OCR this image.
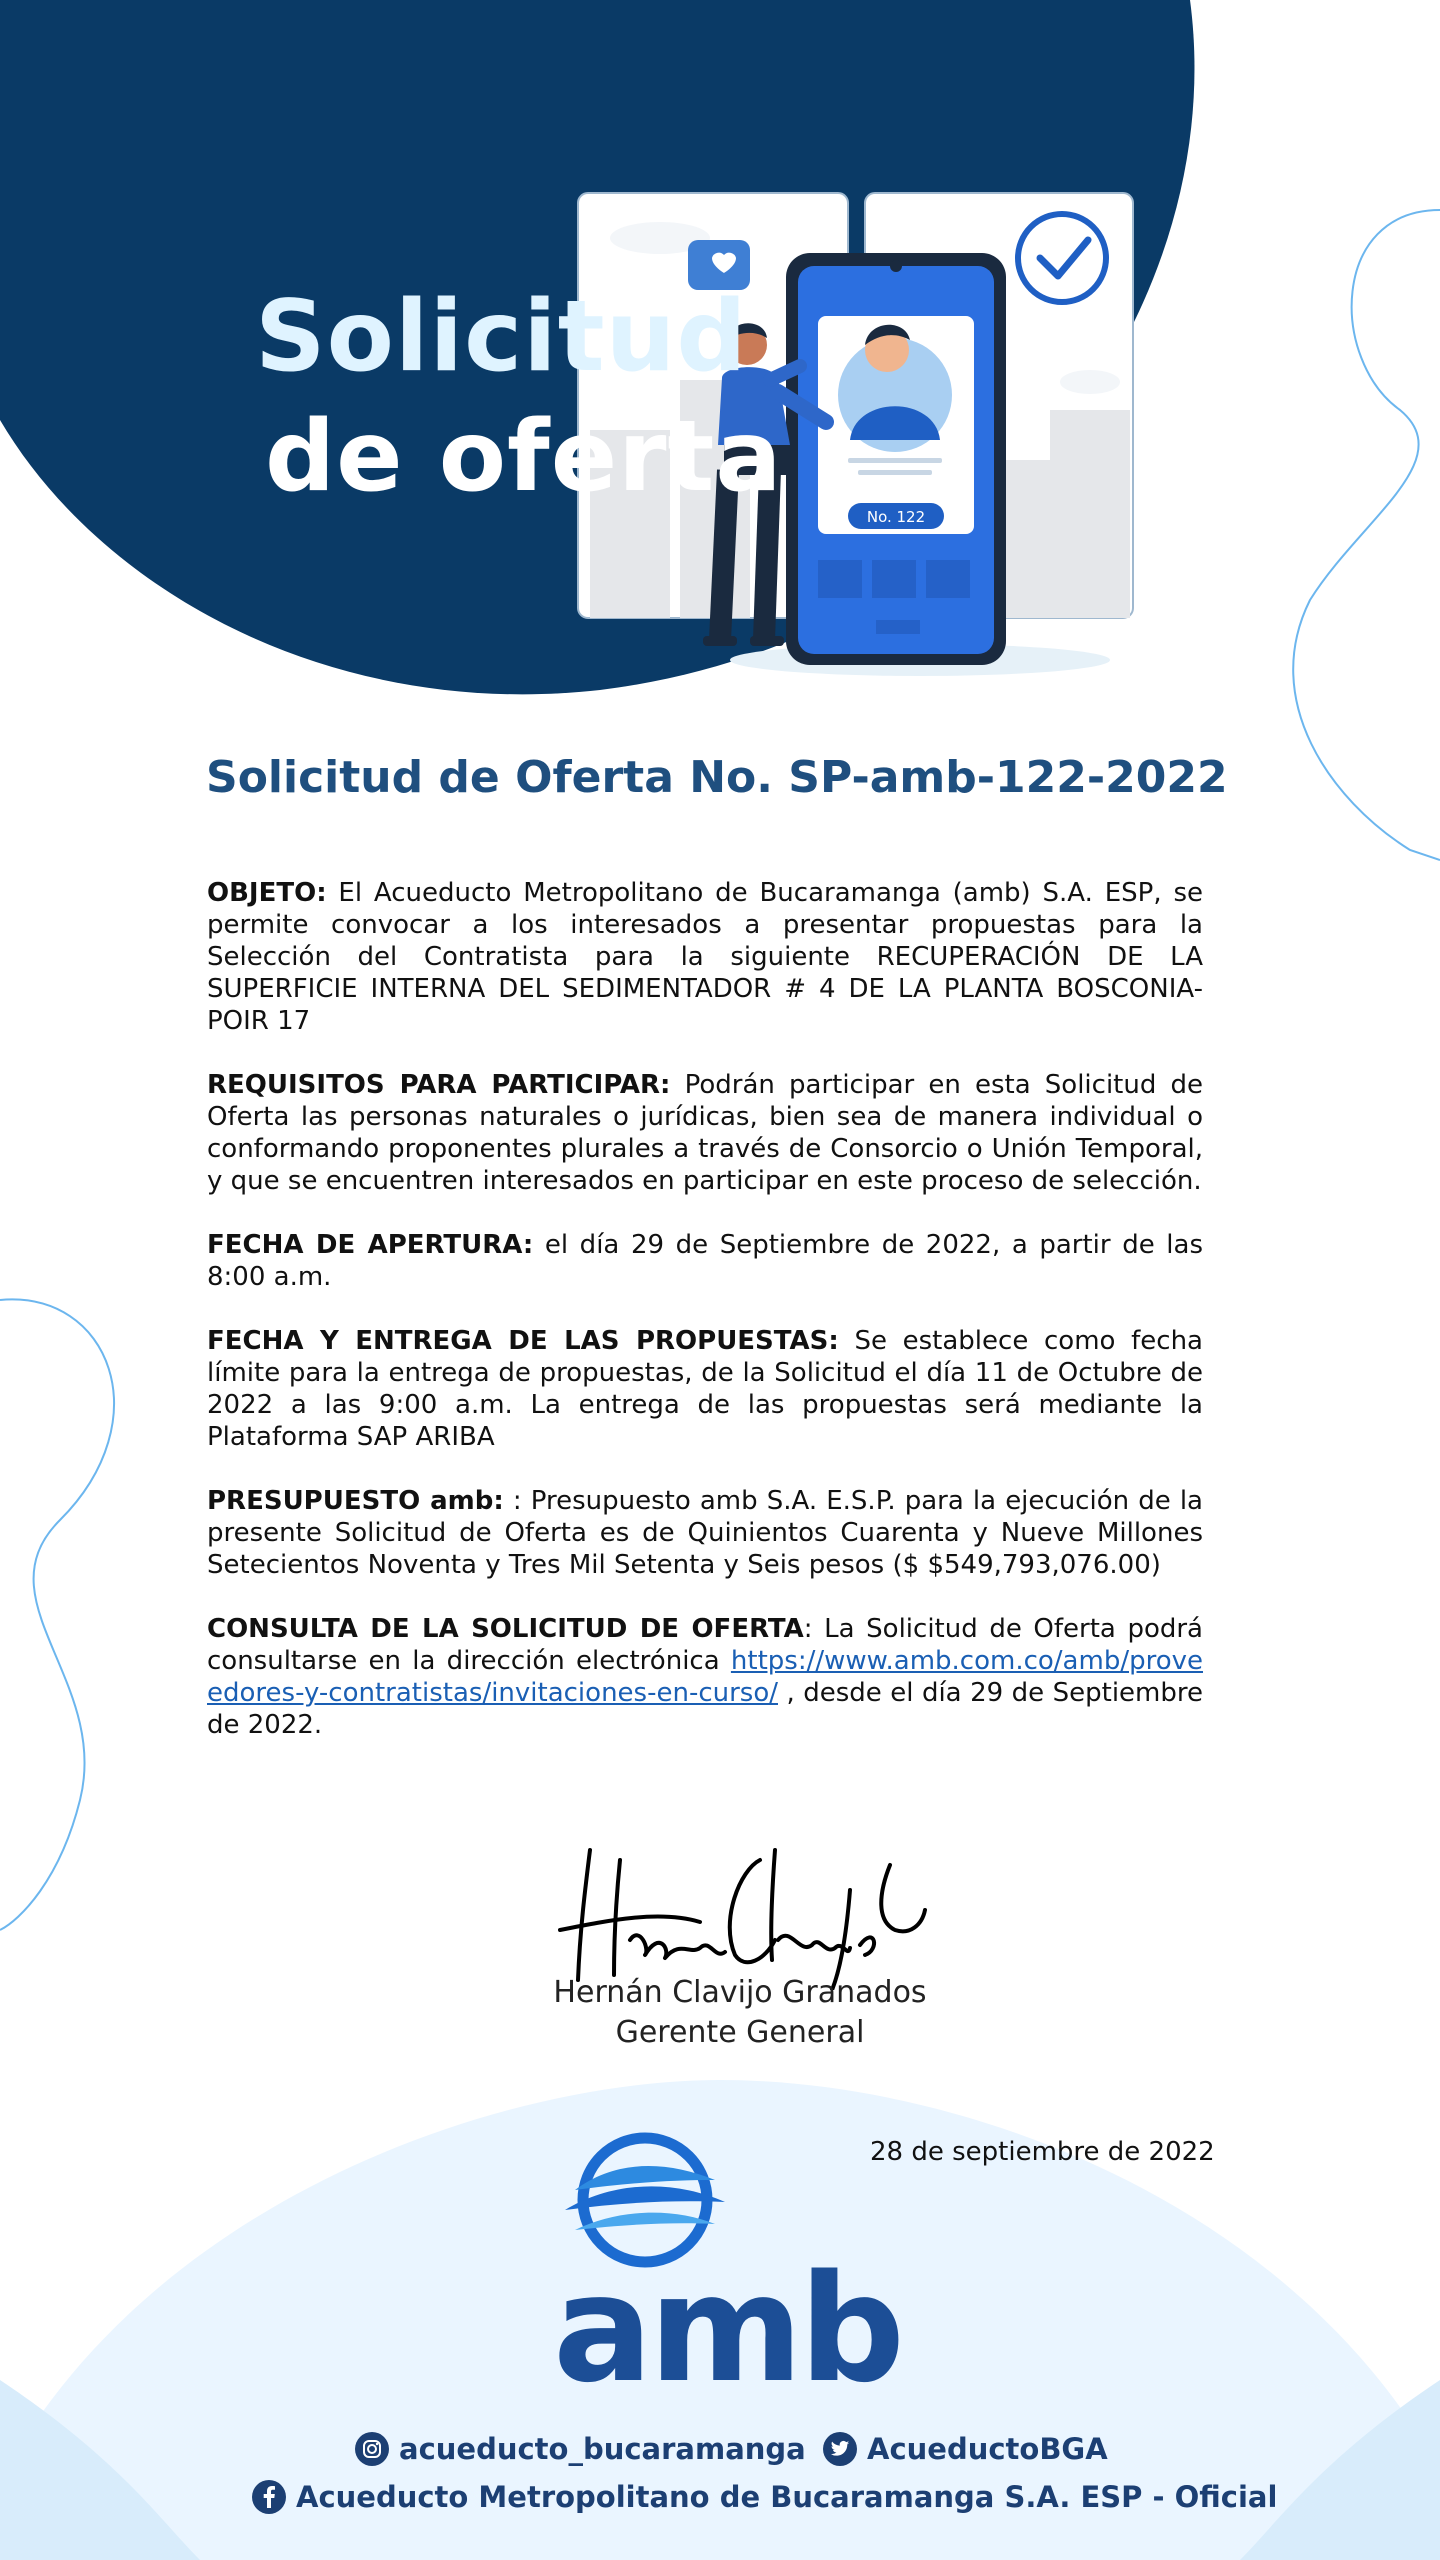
No. 122
Solicitud
de oferta
Solicitud de Oferta No. SP-amb-122-2022

OBJETO: El Acueducto Metropolitano de Bucaramanga (amb) S.A. ESP, se permite convocar a los interesados a presentar propuestas para la Selección del Contratista para la siguiente RECUPERACIÓN DE LA SUPERFICIE INTERNA DEL SEDIMENTADOR # 4 DE LA PLANTA BOSCONIA-POIR 17

REQUISITOS PARA PARTICIPAR: Podrán participar en esta Solicitud de Oferta las personas naturales o jurídicas, bien sea de manera individual o conformando proponentes plurales a través de Consorcio o Unión Temporal, y que se encuentren interesados en participar en este proceso de selección.

FECHA DE APERTURA: el día 29 de Septiembre de 2022, a partir de las 8:00 a.m.

FECHA Y ENTREGA DE LAS PROPUESTAS: Se establece como fecha límite para la entrega de propuestas, de la Solicitud el día 11 de Octubre de 2022 a las 9:00 a.m. La entrega de las propuestas será mediante la Plataforma SAP ARIBA

PRESUPUESTO amb: : Presupuesto amb S.A. E.S.P. para la ejecución de la presente Solicitud de Oferta es de Quinientos Cuarenta y Nueve Millones Setecientos Noventa y Tres Mil Setenta y Seis pesos ($ $549,793,076.00)

CONSULTA DE LA SOLICITUD DE OFERTA: La Solicitud de Oferta podrá consultarse en la dirección electrónica https://www.amb.com.co/amb/proveedores-y-contratistas/invitaciones-en-curso/ , desde el día 29 de Septiembre de 2022.

Hernán Clavijo Granados
Gerente General
28 de septiembre de 2022
amb
acueducto_bucaramanga AcueductoBGA
Acueducto Metropolitano de Bucaramanga S.A. ESP - Oficial
